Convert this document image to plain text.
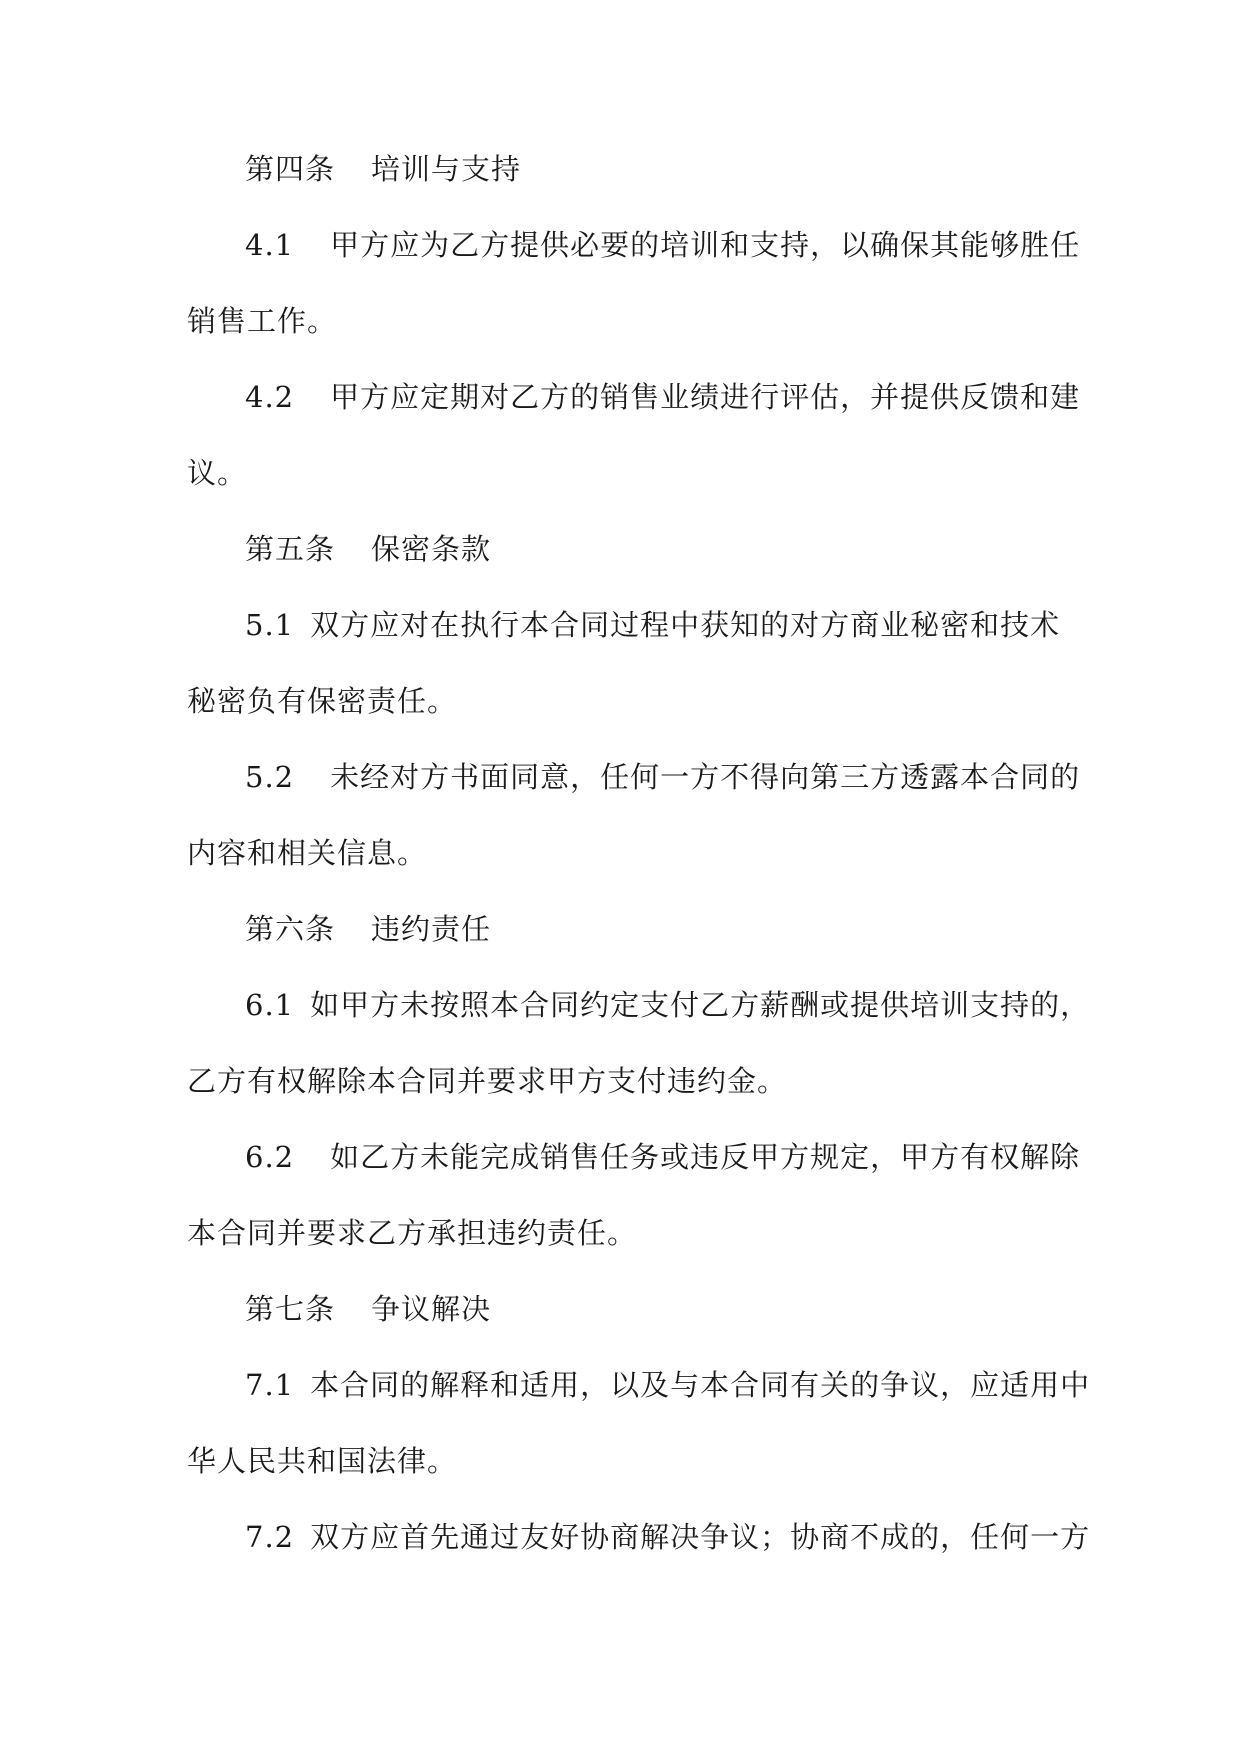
第四条 培训与支持
4.1 甲方应为乙方提供必要的培训和支持，以确保其能够胜任
销售工作。
4.2 甲方应定期对乙方的销售业绩进行评估，并提供反馈和建
议。
第五条 保密条款
5.1 双方应对在执行本合同过程中获知的对方商业秘密和技术
秘密负有保密责任。
5.2 未经对方书面同意，任何一方不得向第三方透露本合同的
内容和相关信息。
第六条 违约责任
6.1 如甲方未按照本合同约定支付乙方薪酬或提供培训支持的，
乙方有权解除本合同并要求甲方支付违约金。
6.2 如乙方未能完成销售任务或违反甲方规定，甲方有权解除
本合同并要求乙方承担违约责任。
第七条 争议解决
7.1 本合同的解释和适用，以及与本合同有关的争议，应适用中
华人民共和国法律。
7.2 双方应首先通过友好协商解决争议；协商不成的，任何一方
